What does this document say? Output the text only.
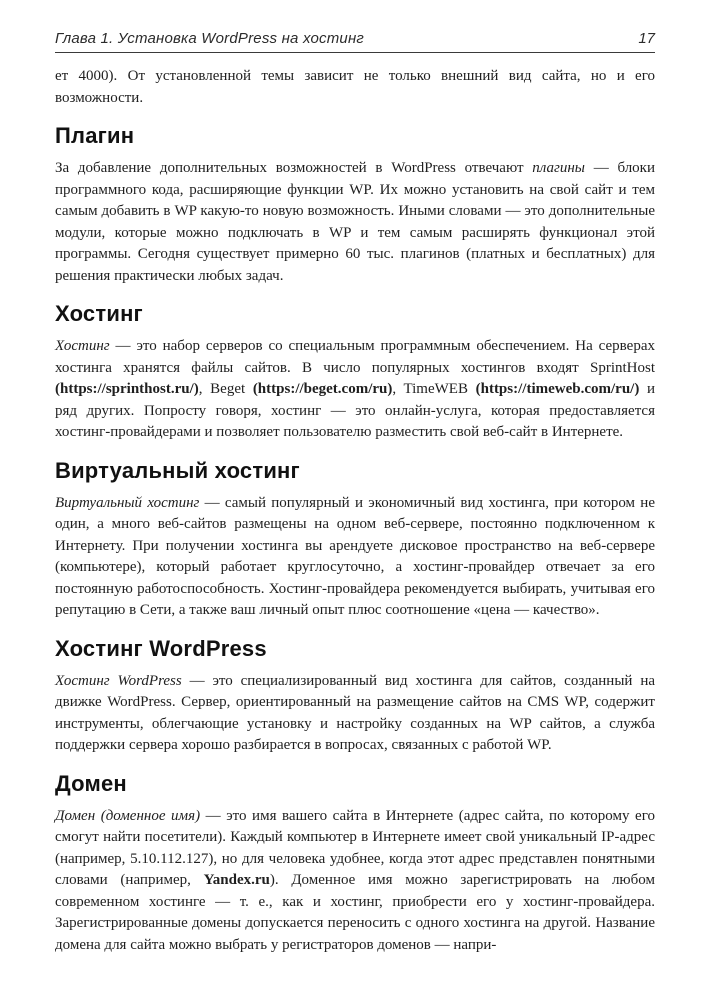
Глава 1. Установка WordPress на хостинг	17

ет 4000). От установленной темы зависит не только внешний вид сайта, но и его возможности.

Плагин

За добавление дополнительных возможностей в WordPress отвечают плагины — блоки программного кода, расширяющие функции WP. Их можно установить на свой сайт и тем самым добавить в WP какую-то новую возможность. Иными словами — это дополнительные модули, которые можно подключать в WP и тем самым расширять функционал этой программы. Сегодня существует примерно 60 тыс. плагинов (платных и бесплатных) для решения практически любых задач.

Хостинг

Хостинг — это набор серверов со специальным программным обеспечением. На серверах хостинга хранятся файлы сайтов. В число популярных хостингов входят SprintHost (https://sprinthost.ru/), Beget (https://beget.com/ru), TimeWEB (https://timeweb.com/ru/) и ряд других. Попросту говоря, хостинг — это онлайн-услуга, которая предоставляется хостинг-провайдерами и позволяет пользователю разместить свой веб-сайт в Интернете.

Виртуальный хостинг

Виртуальный хостинг — самый популярный и экономичный вид хостинга, при котором не один, а много веб-сайтов размещены на одном веб-сервере, постоянно подключенном к Интернету. При получении хостинга вы арендуете дисковое пространство на веб-сервере (компьютере), который работает круглосуточно, а хостинг-провайдер отвечает за его постоянную работоспособность. Хостинг-провайдера рекомендуется выбирать, учитывая его репутацию в Сети, а также ваш личный опыт плюс соотношение «цена — качество».

Хостинг WordPress

Хостинг WordPress — это специализированный вид хостинга для сайтов, созданный на движке WordPress. Сервер, ориентированный на размещение сайтов на CMS WP, содержит инструменты, облегчающие установку и настройку созданных на WP сайтов, а служба поддержки сервера хорошо разбирается в вопросах, связанных с работой WP.

Домен

Домен (доменное имя) — это имя вашего сайта в Интернете (адрес сайта, по которому его смогут найти посетители). Каждый компьютер в Интернете имеет свой уникальный IP-адрес (например, 5.10.112.127), но для человека удобнее, когда этот адрес представлен понятными словами (например, Yandex.ru). Доменное имя можно зарегистрировать на любом современном хостинге — т. е., как и хостинг, приобрести его у хостинг-провайдера. Зарегистрированные домены допускается переносить с одного хостинга на другой. Название домена для сайта можно выбрать у регистраторов доменов — напри-
